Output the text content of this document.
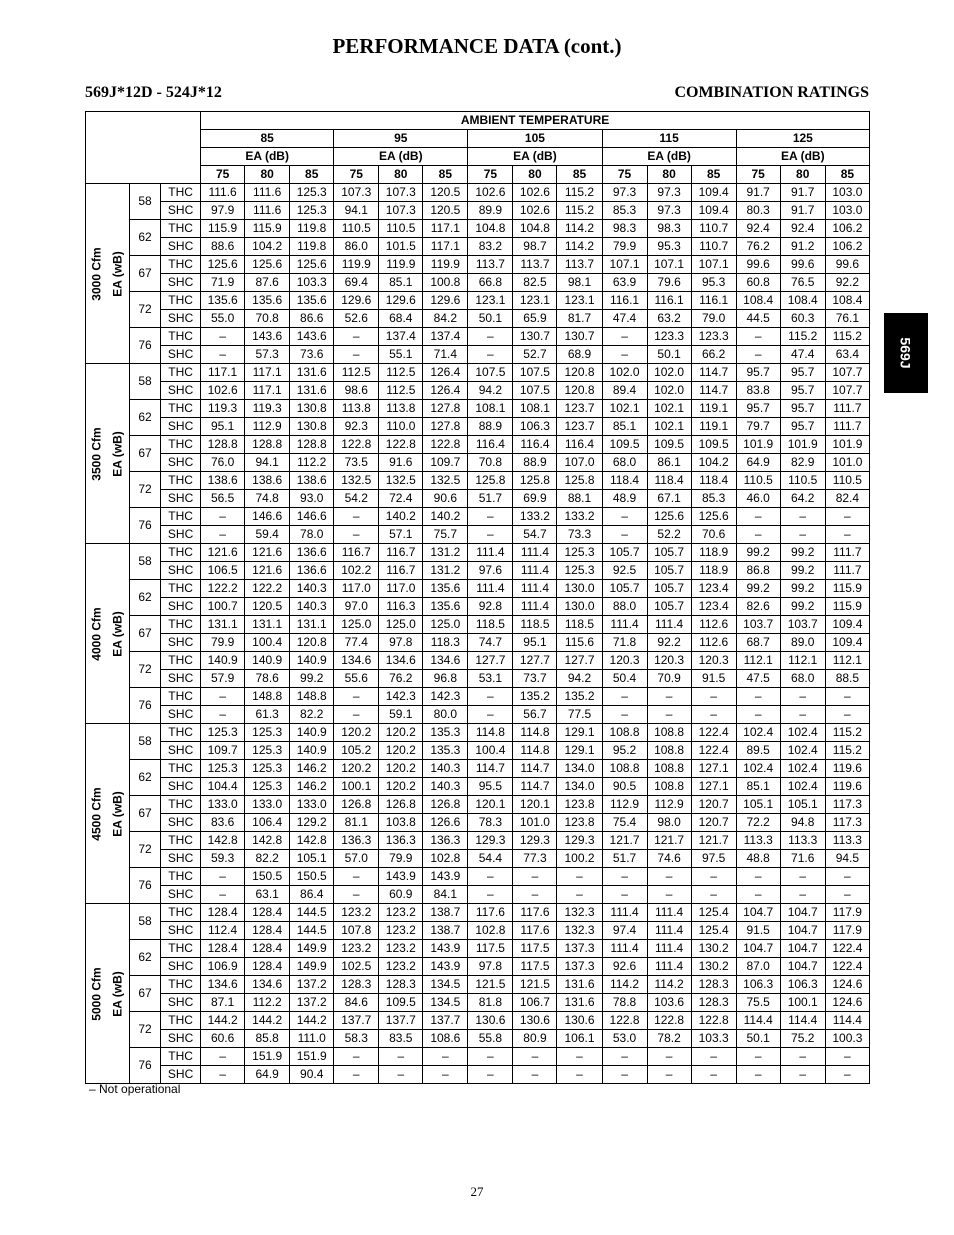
PERFORMANCE DATA (cont.)
569J*12D - 524J*12	COMBINATION RATINGS
569J
				AMBIENT TEMPERATURE														
				85			95			105			115			125		
				EA (dB)			EA (dB)			EA (dB)			EA (dB)			EA (dB)		
				75	80	85	75	80	85	75	80	85	75	80	85	75	80	85

3000 Cfm	EA (wB)	58	THC	111.6	111.6	125.3	107.3	107.3	120.5	102.6	102.6	115.2	97.3	97.3	109.4	91.7	91.7	103.0
			SHC	97.9	111.6	125.3	94.1	107.3	120.5	89.9	102.6	115.2	85.3	97.3	109.4	80.3	91.7	103.0
		62	THC	115.9	115.9	119.8	110.5	110.5	117.1	104.8	104.8	114.2	98.3	98.3	110.7	92.4	92.4	106.2
			SHC	88.6	104.2	119.8	86.0	101.5	117.1	83.2	98.7	114.2	79.9	95.3	110.7	76.2	91.2	106.2
		67	THC	125.6	125.6	125.6	119.9	119.9	119.9	113.7	113.7	113.7	107.1	107.1	107.1	99.6	99.6	99.6
			SHC	71.9	87.6	103.3	69.4	85.1	100.8	66.8	82.5	98.1	63.9	79.6	95.3	60.8	76.5	92.2
		72	THC	135.6	135.6	135.6	129.6	129.6	129.6	123.1	123.1	123.1	116.1	116.1	116.1	108.4	108.4	108.4
			SHC	55.0	70.8	86.6	52.6	68.4	84.2	50.1	65.9	81.7	47.4	63.2	79.0	44.5	60.3	76.1
		76	THC	–	143.6	143.6	–	137.4	137.4	–	130.7	130.7	–	123.3	123.3	–	115.2	115.2
			SHC	–	57.3	73.6	–	55.1	71.4	–	52.7	68.9	–	50.1	66.2	–	47.4	63.4

3500 Cfm	EA (wB)	58	THC	117.1	117.1	131.6	112.5	112.5	126.4	107.5	107.5	120.8	102.0	102.0	114.7	95.7	95.7	107.7
			SHC	102.6	117.1	131.6	98.6	112.5	126.4	94.2	107.5	120.8	89.4	102.0	114.7	83.8	95.7	107.7
		62	THC	119.3	119.3	130.8	113.8	113.8	127.8	108.1	108.1	123.7	102.1	102.1	119.1	95.7	95.7	111.7
			SHC	95.1	112.9	130.8	92.3	110.0	127.8	88.9	106.3	123.7	85.1	102.1	119.1	79.7	95.7	111.7
		67	THC	128.8	128.8	128.8	122.8	122.8	122.8	116.4	116.4	116.4	109.5	109.5	109.5	101.9	101.9	101.9
			SHC	76.0	94.1	112.2	73.5	91.6	109.7	70.8	88.9	107.0	68.0	86.1	104.2	64.9	82.9	101.0
		72	THC	138.6	138.6	138.6	132.5	132.5	132.5	125.8	125.8	125.8	118.4	118.4	118.4	110.5	110.5	110.5
			SHC	56.5	74.8	93.0	54.2	72.4	90.6	51.7	69.9	88.1	48.9	67.1	85.3	46.0	64.2	82.4
		76	THC	–	146.6	146.6	–	140.2	140.2	–	133.2	133.2	–	125.6	125.6	–	–	–
			SHC	–	59.4	78.0	–	57.1	75.7	–	54.7	73.3	–	52.2	70.6	–	–	–

4000 Cfm	EA (wB)	58	THC	121.6	121.6	136.6	116.7	116.7	131.2	111.4	111.4	125.3	105.7	105.7	118.9	99.2	99.2	111.7
			SHC	106.5	121.6	136.6	102.2	116.7	131.2	97.6	111.4	125.3	92.5	105.7	118.9	86.8	99.2	111.7
		62	THC	122.2	122.2	140.3	117.0	117.0	135.6	111.4	111.4	130.0	105.7	105.7	123.4	99.2	99.2	115.9
			SHC	100.7	120.5	140.3	97.0	116.3	135.6	92.8	111.4	130.0	88.0	105.7	123.4	82.6	99.2	115.9
		67	THC	131.1	131.1	131.1	125.0	125.0	125.0	118.5	118.5	118.5	111.4	111.4	112.6	103.7	103.7	109.4
			SHC	79.9	100.4	120.8	77.4	97.8	118.3	74.7	95.1	115.6	71.8	92.2	112.6	68.7	89.0	109.4
		72	THC	140.9	140.9	140.9	134.6	134.6	134.6	127.7	127.7	127.7	120.3	120.3	120.3	112.1	112.1	112.1
			SHC	57.9	78.6	99.2	55.6	76.2	96.8	53.1	73.7	94.2	50.4	70.9	91.5	47.5	68.0	88.5
		76	THC	–	148.8	148.8	–	142.3	142.3	–	135.2	135.2	–	–	–	–	–	–
			SHC	–	61.3	82.2	–	59.1	80.0	–	56.7	77.5	–	–	–	–	–	–

4500 Cfm	EA (wB)	58	THC	125.3	125.3	140.9	120.2	120.2	135.3	114.8	114.8	129.1	108.8	108.8	122.4	102.4	102.4	115.2
			SHC	109.7	125.3	140.9	105.2	120.2	135.3	100.4	114.8	129.1	95.2	108.8	122.4	89.5	102.4	115.2
		62	THC	125.3	125.3	146.2	120.2	120.2	140.3	114.7	114.7	134.0	108.8	108.8	127.1	102.4	102.4	119.6
			SHC	104.4	125.3	146.2	100.1	120.2	140.3	95.5	114.7	134.0	90.5	108.8	127.1	85.1	102.4	119.6
		67	THC	133.0	133.0	133.0	126.8	126.8	126.8	120.1	120.1	123.8	112.9	112.9	120.7	105.1	105.1	117.3
			SHC	83.6	106.4	129.2	81.1	103.8	126.6	78.3	101.0	123.8	75.4	98.0	120.7	72.2	94.8	117.3
		72	THC	142.8	142.8	142.8	136.3	136.3	136.3	129.3	129.3	129.3	121.7	121.7	121.7	113.3	113.3	113.3
			SHC	59.3	82.2	105.1	57.0	79.9	102.8	54.4	77.3	100.2	51.7	74.6	97.5	48.8	71.6	94.5
		76	THC	–	150.5	150.5	–	143.9	143.9	–	–	–	–	–	–	–	–	–
			SHC	–	63.1	86.4	–	60.9	84.1	–	–	–	–	–	–	–	–	–

5000 Cfm	EA (wB)	58	THC	128.4	128.4	144.5	123.2	123.2	138.7	117.6	117.6	132.3	111.4	111.4	125.4	104.7	104.7	117.9
			SHC	112.4	128.4	144.5	107.8	123.2	138.7	102.8	117.6	132.3	97.4	111.4	125.4	91.5	104.7	117.9
		62	THC	128.4	128.4	149.9	123.2	123.2	143.9	117.5	117.5	137.3	111.4	111.4	130.2	104.7	104.7	122.4
			SHC	106.9	128.4	149.9	102.5	123.2	143.9	97.8	117.5	137.3	92.6	111.4	130.2	87.0	104.7	122.4
		67	THC	134.6	134.6	137.2	128.3	128.3	134.5	121.5	121.5	131.6	114.2	114.2	128.3	106.3	106.3	124.6
			SHC	87.1	112.2	137.2	84.6	109.5	134.5	81.8	106.7	131.6	78.8	103.6	128.3	75.5	100.1	124.6
		72	THC	144.2	144.2	144.2	137.7	137.7	137.7	130.6	130.6	130.6	122.8	122.8	122.8	114.4	114.4	114.4
			SHC	60.6	85.8	111.0	58.3	83.5	108.6	55.8	80.9	106.1	53.0	78.2	103.3	50.1	75.2	100.3
		76	THC	–	151.9	151.9	–	–	–	–	–	–	–	–	–	–	–	–
			SHC	–	64.9	90.4	–	–	–	–	–	–	–	–	–	–	–	–
– Not operational
27
